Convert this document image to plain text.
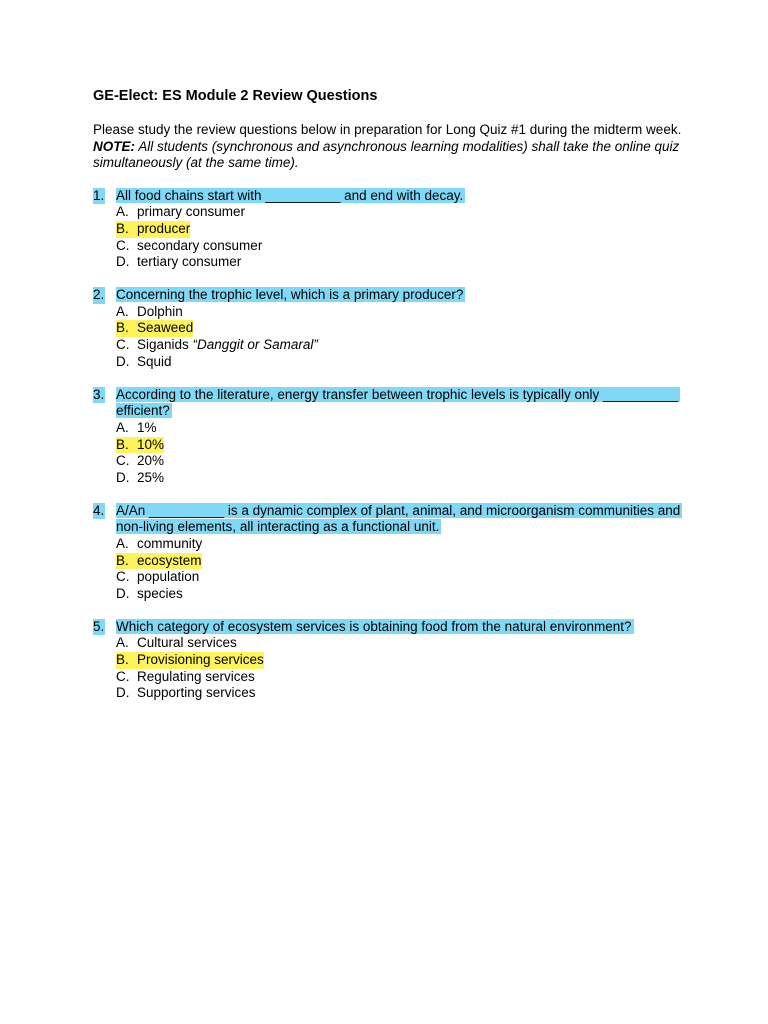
GE-Elect: ES Module 2 Review Questions

Please study the review questions below in preparation for Long Quiz #1 during the midterm week. NOTE: All students (synchronous and asynchronous learning modalities) shall take the online quiz simultaneously (at the same time).

1. All food chains start with __________ and end with decay.
A. primary consumer
B. producer
C. secondary consumer
D. tertiary consumer
2. Concerning the trophic level, which is a primary producer?
A. Dolphin
B. Seaweed
C. Siganids “Danggit or Samaral”
D. Squid
3. According to the literature, energy transfer between trophic levels is typically only __________ efficient?
A. 1%
B. 10%
C. 20%
D. 25%
4. A/An __________ is a dynamic complex of plant, animal, and microorganism communities and non-living elements, all interacting as a functional unit.
A. community
B. ecosystem
C. population
D. species
5. Which category of ecosystem services is obtaining food from the natural environment?
A. Cultural services
B. Provisioning services
C. Regulating services
D. Supporting services
